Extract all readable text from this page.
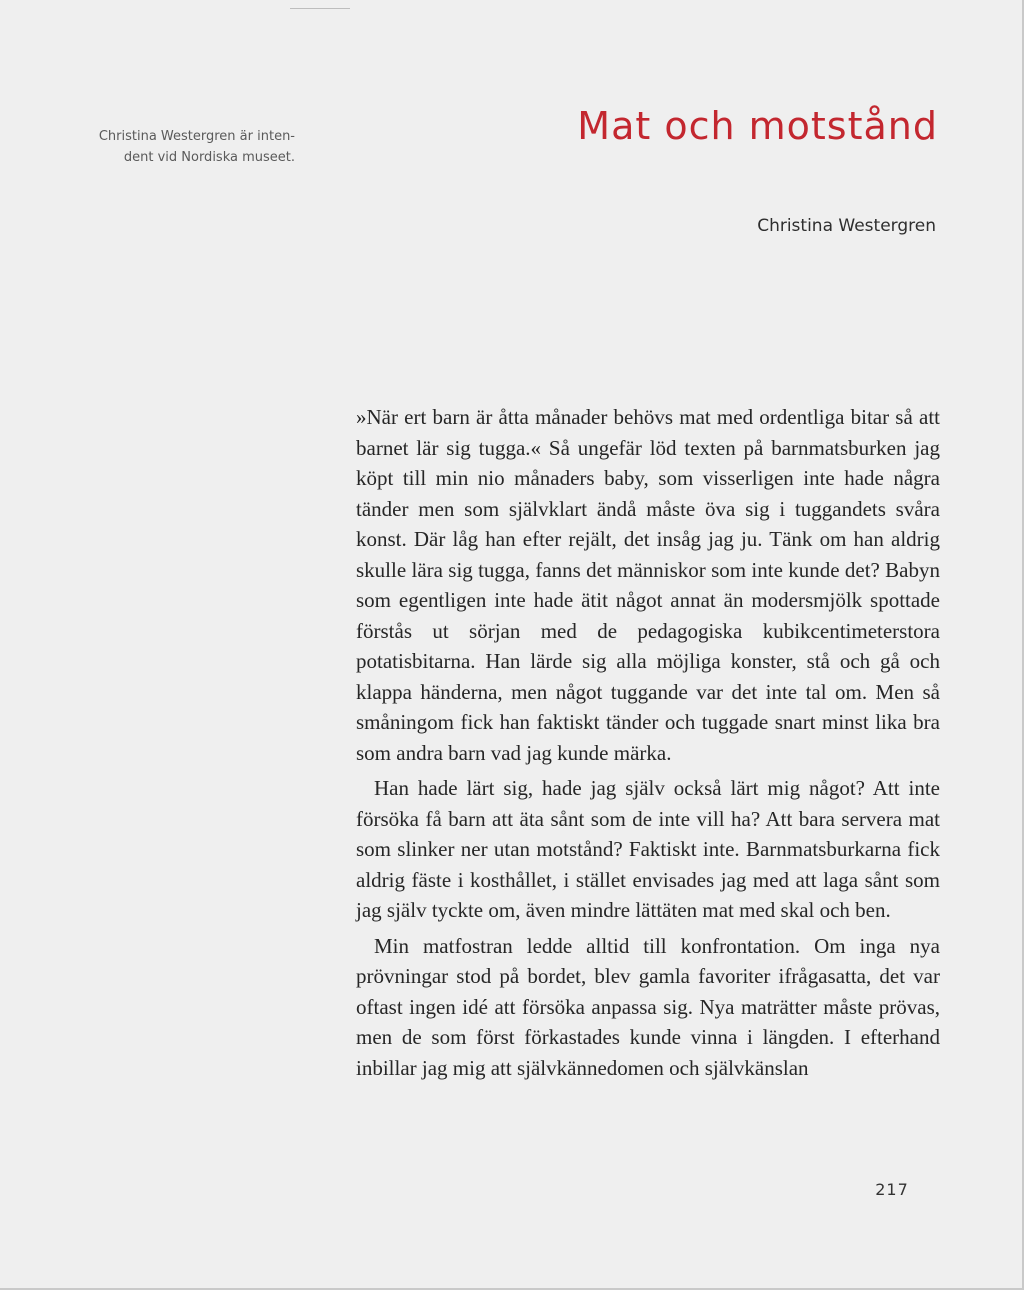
Christina Westergren är inten-
dent vid Nordiska museet.
Mat och motstånd
Christina Westergren

»När ert barn är åtta månader behövs mat med ordentliga bitar så att barnet lär sig tugga.« Så ungefär löd texten på barnmatsburken jag köpt till min nio månaders baby, som visserligen inte hade några tänder men som självklart ändå måste öva sig i tuggandets svåra konst. Där låg han efter rejält, det insåg jag ju. Tänk om han aldrig skulle lära sig tugga, fanns det människor som inte kunde det? Babyn som egentligen inte hade ätit något annat än modersmjölk spottade förstås ut sörjan med de pedagogiska kubikcentimeterstora potatisbitarna. Han lärde sig alla möjliga konster, stå och gå och klappa händerna, men något tuggande var det inte tal om. Men så småningom fick han faktiskt tänder och tuggade snart minst lika bra som andra barn vad jag kunde märka.

Han hade lärt sig, hade jag själv också lärt mig något? Att inte försöka få barn att äta sånt som de inte vill ha? Att bara servera mat som slinker ner utan motstånd? Faktiskt inte. Barnmatsburkarna fick aldrig fäste i kosthållet, i stället envisades jag med att laga sånt som jag själv tyckte om, även mindre lättäten mat med skal och ben.

Min matfostran ledde alltid till konfrontation. Om inga nya prövningar stod på bordet, blev gamla favoriter ifrågasatta, det var oftast ingen idé att försöka anpassa sig. Nya maträtter måste prövas, men de som först förkastades kunde vinna i längden. I efterhand inbillar jag mig att självkännedomen och självkänslan

217
